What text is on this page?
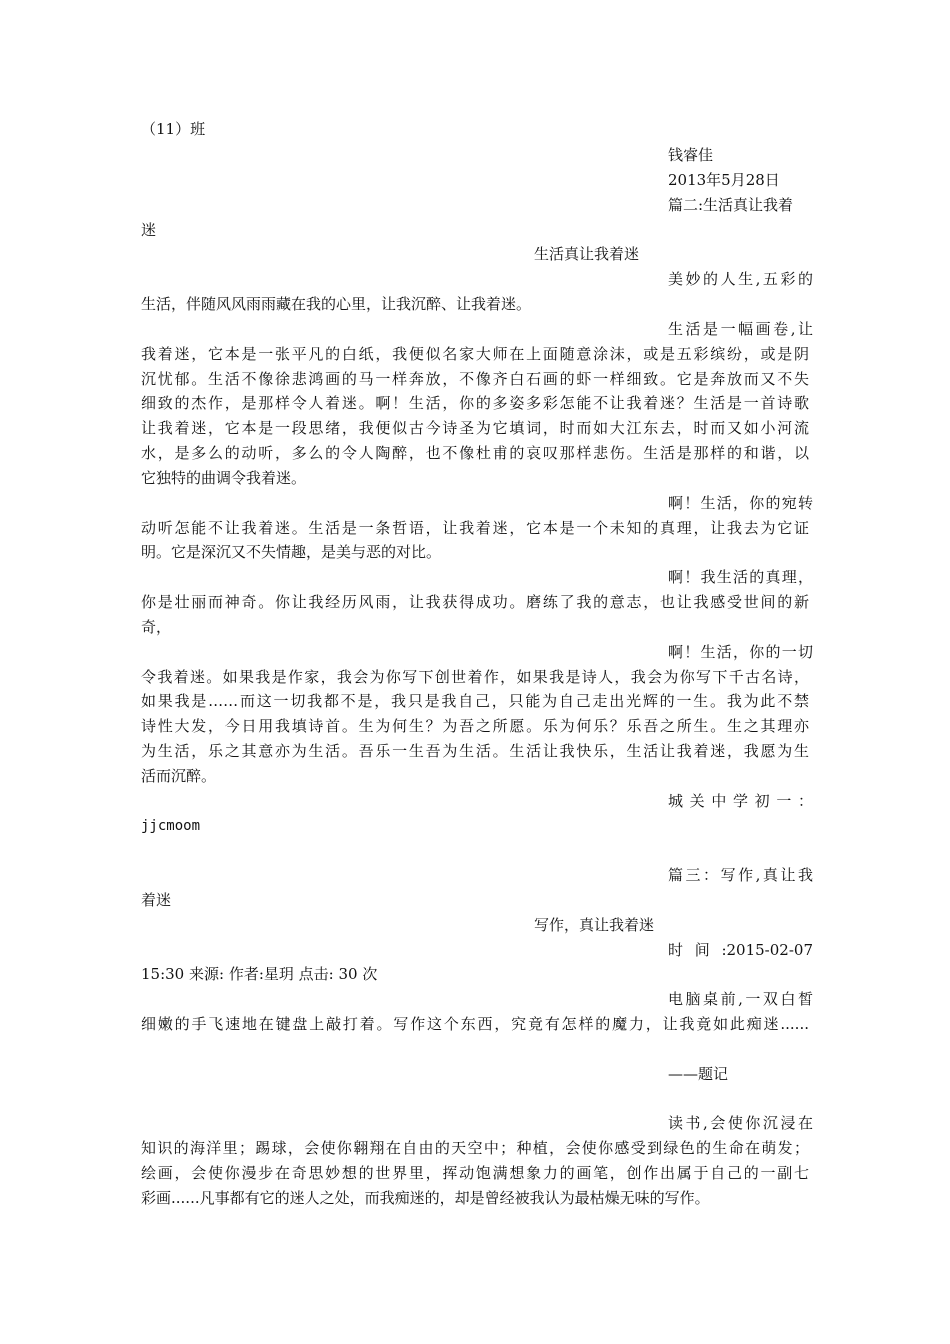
（11）班
钱睿佳
2013年5月28日
篇二:生活真让我着
迷
生活真让我着迷
美妙的人生,五彩的
生活，伴随风风雨雨藏在我的心里，让我沉醉、让我着迷。
生活是一幅画卷,让
我着迷，它本是一张平凡的白纸，我便似名家大师在上面随意涂沫，或是五彩缤纷，或是阴
沉忧郁。生活不像徐悲鸿画的马一样奔放，不像齐白石画的虾一样细致。它是奔放而又不失
细致的杰作，是那样令人着迷。啊！生活，你的多姿多彩怎能不让我着迷？生活是一首诗歌
让我着迷，它本是一段思绪，我便似古今诗圣为它填词，时而如大江东去，时而又如小河流
水，是多么的动听，多么的令人陶醉，也不像杜甫的哀叹那样悲伤。生活是那样的和谐，以
它独特的曲调令我着迷。
啊！生活，你的宛转
动听怎能不让我着迷。生活是一条哲语，让我着迷，它本是一个未知的真理，让我去为它证
明。它是深沉又不失情趣，是美与恶的对比。
啊！我生活的真理，
你是壮丽而神奇。你让我经历风雨，让我获得成功。磨练了我的意志，也让我感受世间的新
奇，
啊！生活，你的一切
令我着迷。如果我是作家，我会为你写下创世着作，如果我是诗人，我会为你写下千古名诗，
如果我是……而这一切我都不是，我只是我自己，只能为自己走出光辉的一生。我为此不禁
诗性大发，今日用我填诗首。生为何生？为吾之所愿。乐为何乐？乐吾之所生。生之其理亦
为生活，乐之其意亦为生活。吾乐一生吾为生活。生活让我快乐，生活让我着迷，我愿为生
活而沉醉。
城关中学初一：
jjcmoom
篇三：写作,真让我
着迷
写作，真让我着迷
时 间 :2015-02-07
15:30 来源: 作者:星玥 点击: 30 次
电脑桌前,一双白皙
细嫩的手飞速地在键盘上敲打着。写作这个东西，究竟有怎样的魔力，让我竟如此痴迷......
——题记
读书,会使你沉浸在
知识的海洋里；踢球，会使你翱翔在自由的天空中；种植，会使你感受到绿色的生命在萌发；
绘画，会使你漫步在奇思妙想的世界里，挥动饱满想象力的画笔，创作出属于自己的一副七
彩画......凡事都有它的迷人之处，而我痴迷的，却是曾经被我认为最枯燥无味的写作。
